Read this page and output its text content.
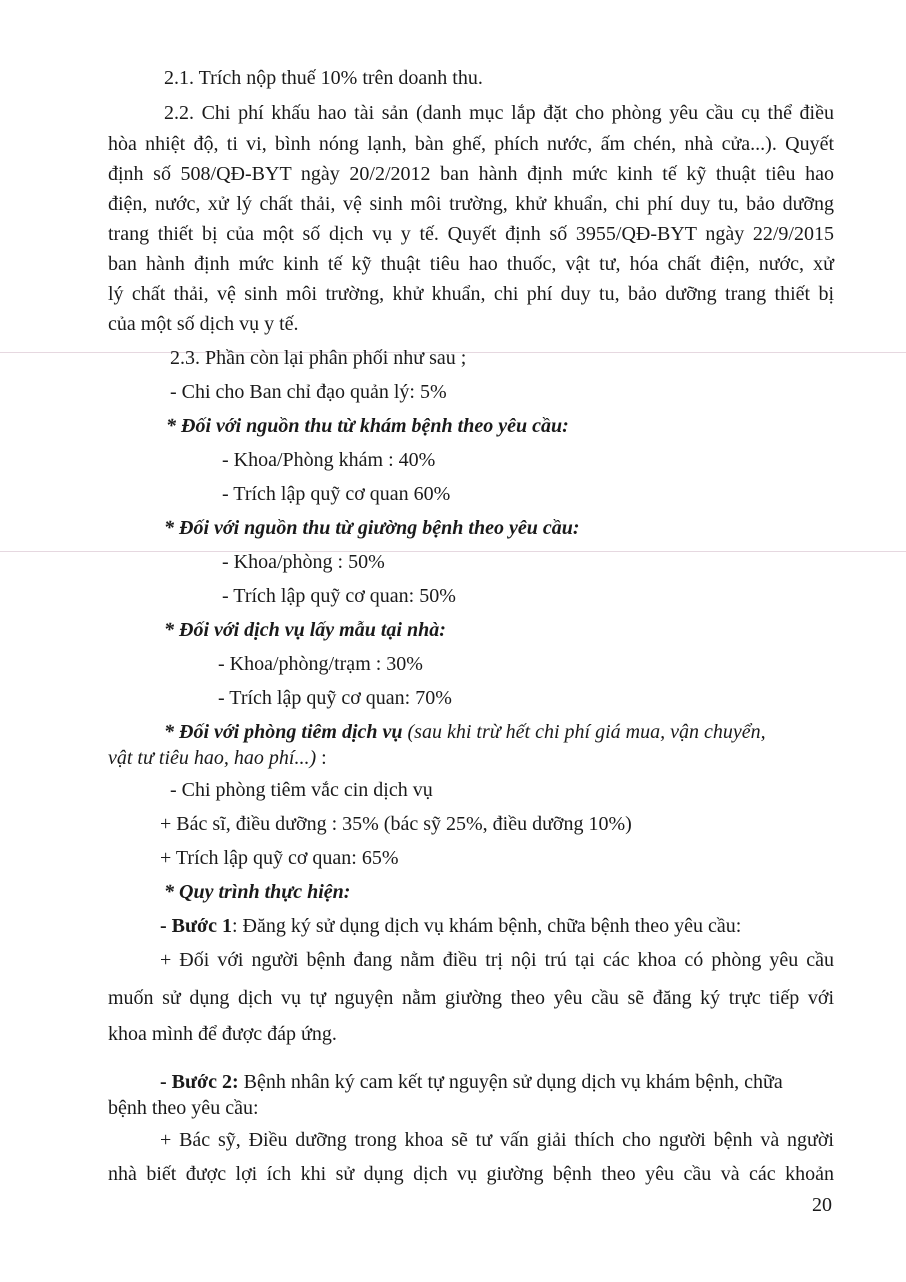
2.1. Trích nộp thuế 10% trên doanh thu.
2.2. Chi phí khấu hao tài sản (danh mục lắp đặt cho phòng yêu cầu cụ thể điều
hòa nhiệt độ, ti vi, bình nóng lạnh, bàn ghế, phích nước, ấm chén, nhà cửa...). Quyết
định số 508/QĐ-BYT ngày 20/2/2012 ban hành định mức kinh tế kỹ thuật tiêu hao
điện, nước, xử lý chất thải, vệ sinh môi trường, khử khuẩn, chi phí duy tu, bảo dưỡng
trang thiết bị của một số dịch vụ y tế. Quyết định số 3955/QĐ-BYT ngày 22/9/2015
ban hành định mức kinh tế kỹ thuật tiêu hao thuốc, vật tư, hóa chất điện, nước, xử
lý chất thải, vệ sinh môi trường, khử khuẩn, chi phí duy tu, bảo dưỡng trang thiết bị
của một số dịch vụ y tế.
2.3. Phần còn lại phân phối như sau ;
- Chi cho Ban chỉ đạo quản lý: 5%
* Đối với nguồn thu từ khám bệnh theo yêu cầu:
- Khoa/Phòng khám : 40%
- Trích lập quỹ cơ quan 60%
* Đối với nguồn thu từ giường bệnh theo yêu cầu:
- Khoa/phòng : 50%
- Trích lập quỹ cơ quan: 50%
* Đối với dịch vụ lấy mẫu tại nhà:
- Khoa/phòng/trạm : 30%
- Trích lập quỹ cơ quan: 70%
* Đối với phòng tiêm dịch vụ (sau khi trừ hết chi phí giá mua, vận chuyển,
vật tư tiêu hao, hao phí...) :
- Chi phòng tiêm vắc cin dịch vụ
+ Bác sĩ, điều dưỡng : 35% (bác sỹ 25%, điều dưỡng 10%)
+ Trích lập quỹ cơ quan: 65%
* Quy trình thực hiện:
- Bước 1: Đăng ký sử dụng dịch vụ khám bệnh, chữa bệnh theo yêu cầu:
+ Đối với người bệnh đang nằm điều trị nội trú tại các khoa có phòng yêu cầu
muốn sử dụng dịch vụ tự nguyện nằm giường theo yêu cầu sẽ đăng ký trực tiếp với
khoa mình để được đáp ứng.
- Bước 2: Bệnh nhân ký cam kết tự nguyện sử dụng dịch vụ khám bệnh, chữa
bệnh theo yêu cầu:
+ Bác sỹ, Điều dưỡng trong khoa sẽ tư vấn giải thích cho người bệnh và người
nhà biết được lợi ích khi sử dụng dịch vụ giường bệnh theo yêu cầu và các khoản
20
